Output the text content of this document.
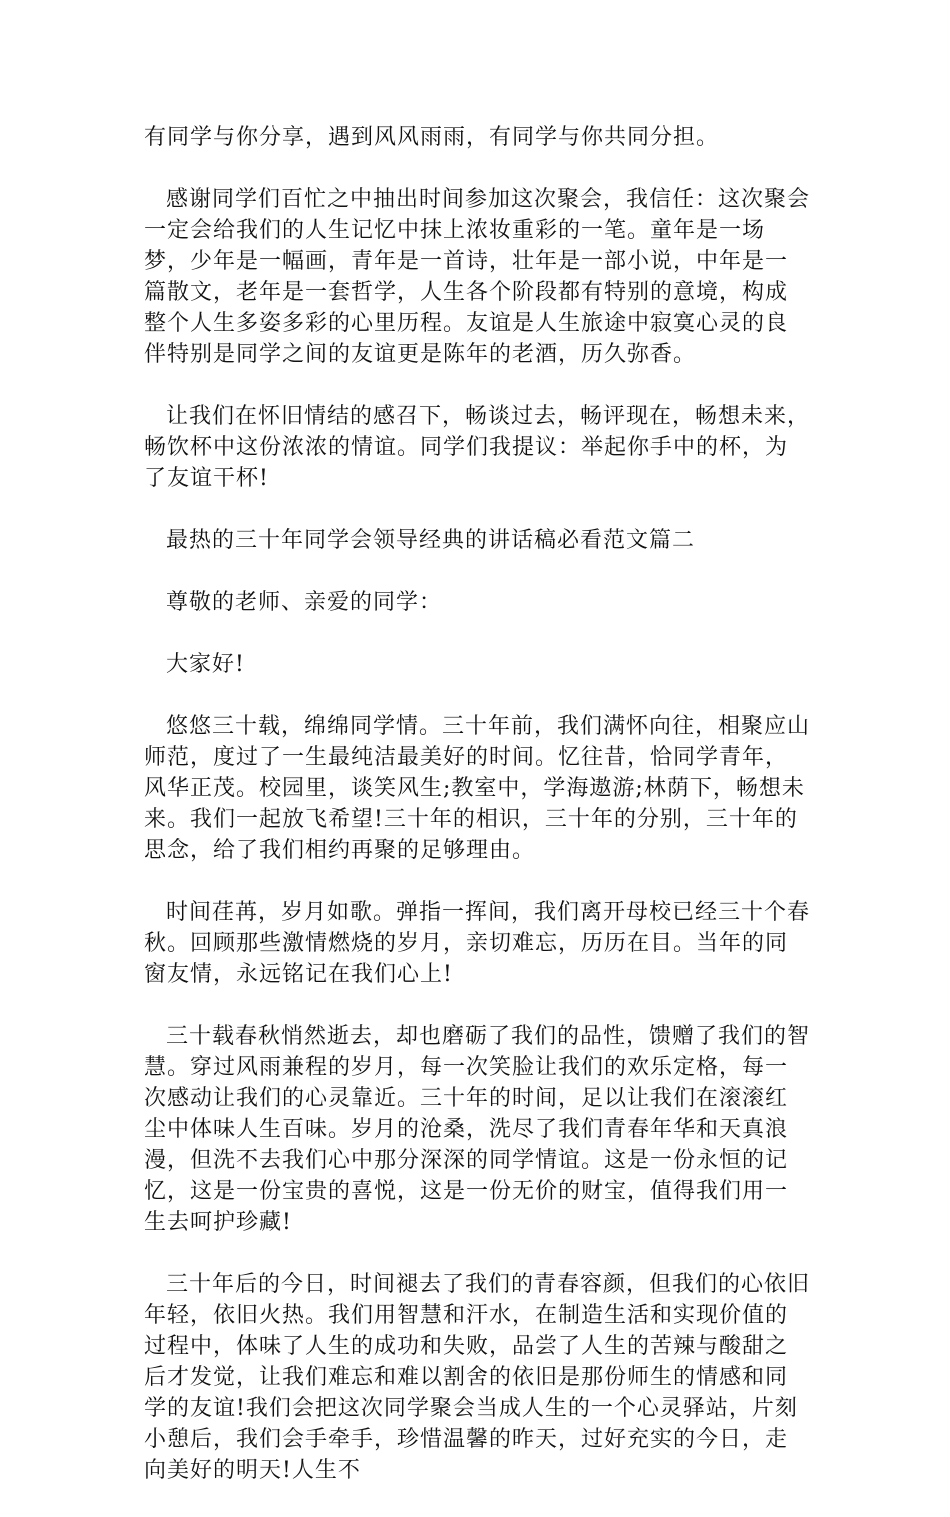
有同学与你分享，遇到风风雨雨，有同学与你共同分担。

感谢同学们百忙之中抽出时间参加这次聚会，我信任：这次聚会一定会给我们的人生记忆中抹上浓妆重彩的一笔。童年是一场梦，少年是一幅画，青年是一首诗，壮年是一部小说，中年是一篇散文，老年是一套哲学，人生各个阶段都有特别的意境，构成整个人生多姿多彩的心里历程。友谊是人生旅途中寂寞心灵的良伴特别是同学之间的友谊更是陈年的老酒，历久弥香。

让我们在怀旧情结的感召下，畅谈过去，畅评现在，畅想未来，畅饮杯中这份浓浓的情谊。同学们我提议：举起你手中的杯，为了友谊干杯!

最热的三十年同学会领导经典的讲话稿必看范文篇二

尊敬的老师、亲爱的同学：

大家好!

悠悠三十载，绵绵同学情。三十年前，我们满怀向往，相聚应山师范，度过了一生最纯洁最美好的时间。忆往昔，恰同学青年，风华正茂。校园里，谈笑风生;教室中，学海遨游;林荫下，畅想未来。我们一起放飞希望!三十年的相识，三十年的分别，三十年的思念，给了我们相约再聚的足够理由。

时间荏苒，岁月如歌。弹指一挥间，我们离开母校已经三十个春秋。回顾那些激情燃烧的岁月，亲切难忘，历历在目。当年的同窗友情，永远铭记在我们心上!

三十载春秋悄然逝去，却也磨砺了我们的品性，馈赠了我们的智慧。穿过风雨兼程的岁月，每一次笑脸让我们的欢乐定格，每一次感动让我们的心灵靠近。三十年的时间，足以让我们在滚滚红尘中体味人生百味。岁月的沧桑，洗尽了我们青春年华和天真浪漫，但洗不去我们心中那分深深的同学情谊。这是一份永恒的记忆，这是一份宝贵的喜悦，这是一份无价的财宝，值得我们用一生去呵护珍藏!

三十年后的今日，时间褪去了我们的青春容颜，但我们的心依旧年轻，依旧火热。我们用智慧和汗水，在制造生活和实现价值的过程中，体味了人生的成功和失败，品尝了人生的苦辣与酸甜之后才发觉，让我们难忘和难以割舍的依旧是那份师生的情感和同学的友谊!我们会把这次同学聚会当成人生的一个心灵驿站，片刻小憩后，我们会手牵手，珍惜温馨的昨天，过好充实的今日，走向美好的明天!人生不
